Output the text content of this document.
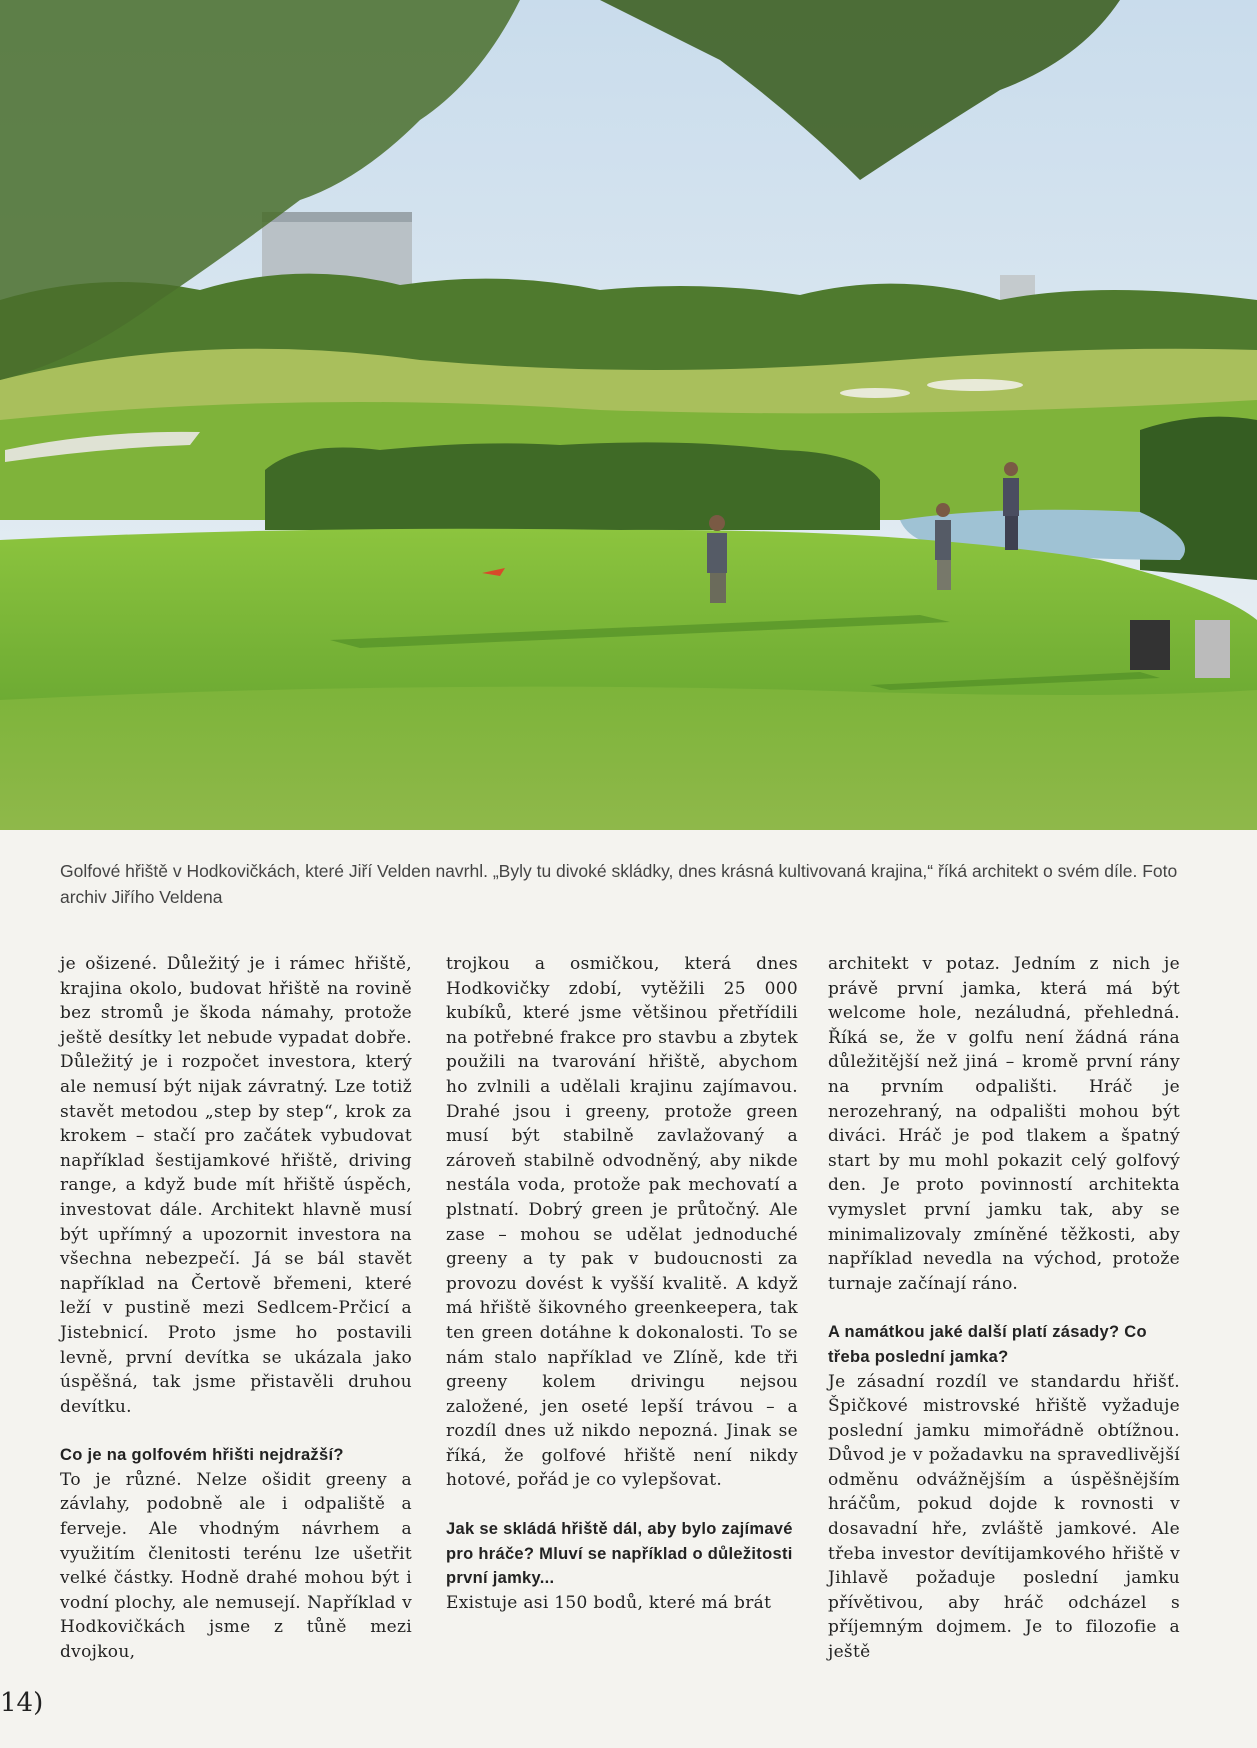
Golfové hřiště v Hodkovičkách, které Jiří Velden navrhl. „Byly tu divoké skládky, dnes krásná kultivovaná krajina,“ říká architekt o svém díle. Foto archiv Jiřího Veldena

je ošizené. Důležitý je i rámec hřiště, krajina okolo, budovat hřiště na rovině bez stromů je škoda námahy, protože ještě desítky let nebude vypadat dobře. Důležitý je i rozpočet investora, který ale nemusí být nijak závratný. Lze totiž stavět metodou „step by step“, krok za krokem – stačí pro začátek vybudovat například šestijamkové hřiště, driving range, a když bude mít hřiště úspěch, investovat dále. Architekt hlavně musí být upřímný a upozornit investora na všechna nebezpečí. Já se bál stavět například na Čertově břemeni, které leží v pustině mezi Sedlcem-Prčicí a Jistebnicí. Proto jsme ho postavili levně, první devítka se ukázala jako úspěšná, tak jsme přistavěli druhou devítku.

Co je na golfovém hřišti nejdražší?

To je různé. Nelze ošidit greeny a závlahy, podobně ale i odpaliště a fervеje. Ale vhodným návrhem a využitím členitosti terénu lze ušetřit velké částky. Hodně drahé mohou být i vodní plochy, ale nemusejí. Například v Hodkovičkách jsme z tůně mezi dvojkou,

trojkou a osmičkou, která dnes Hodkovičky zdobí, vytěžili 25 000 kubíků, které jsme většinou přetřídili na potřebné frakce pro stavbu a zbytek použili na tvarování hřiště, abychom ho zvlnili a udělali krajinu zajímavou. Drahé jsou i greeny, protože green musí být stabilně zavlažovaný a zároveň stabilně odvodněný, aby nikde nestála voda, protože pak mechovatí a plstnatí. Dobrý green je průtočný. Ale zase – mohou se udělat jednoduché greeny a ty pak v budoucnosti za provozu dovést k vyšší kvalitě. A když má hřiště šikovného greenkeepera, tak ten green dotáhne k dokonalosti. To se nám stalo například ve Zlíně, kde tři greeny kolem drivingu nejsou založené, jen oseté lepší trávou – a rozdíl dnes už nikdo nepozná. Jinak se říká, že golfové hřiště není nikdy hotové, pořád je co vylepšovat.

Jak se skládá hřiště dál, aby bylo zajímavé pro hráče? Mluví se například o důležitosti první jamky...

Existuje asi 150 bodů, které má brát

architekt v potaz. Jedním z nich je právě první jamka, která má být welcome hole, nezáludná, přehledná. Říká se, že v golfu není žádná rána důležitější než jiná – kromě první rány na prvním odpališti. Hráč je nerozehraný, na odpališti mohou být diváci. Hráč je pod tlakem a špatný start by mu mohl pokazit celý golfový den. Je proto povinností architekta vymyslet první jamku tak, aby se minimalizovaly zmíněné těžkosti, aby například nevedla na východ, protože turnaje začínají ráno.

A namátkou jaké další platí zásady? Co třeba poslední jamka?

Je zásadní rozdíl ve standardu hřišť. Špičkové mistrovské hřiště vyžaduje poslední jamku mimořádně obtížnou. Důvod je v požadavku na spravedlivější odměnu odvážnějším a úspěšnějším hráčům, pokud dojde k rovnosti v dosavadní hře, zvláště jamkové. Ale třeba investor devítijamkového hřiště v Jihlavě požaduje poslední jamku přívětivou, aby hráč odcházel s příjemným dojmem. Je to filozofie a ještě

14)
